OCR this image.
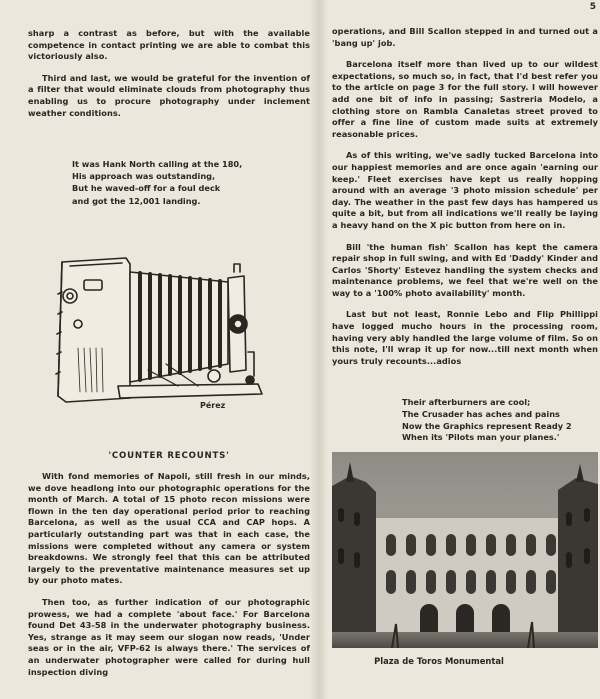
5

sharp a contrast as before, but with the available competence in contact printing we are able to combat this victoriously also.

Third and last, we would be grateful for the invention of a filter that would eliminate clouds from photography thus enabling us to procure photography under inclement weather conditions.

It was Hank North calling at the 180,
His approach was outstanding,
But he waved-off for a foul deck
and got the 12,001 landing.
Pérez
'COUNTER RECOUNTS'

With fond memories of Napoli, still fresh in our minds, we dove headlong into our photographic operations for the month of March. A total of 15 photo recon missions were flown in the ten day operational period prior to reaching Barcelona, as well as the usual CCA and CAP hops. A particularly outstanding part was that in each case, the missions were completed without any camera or system breakdowns. We strongly feel that this can be attributed largely to the preventative maintenance measures set up by our photo mates.

Then too, as further indication of our photographic prowess, we had a complete 'about face.' For Barcelona found Det 43-58 in the underwater photography business. Yes, strange as it may seem our slogan now reads, 'Under seas or in the air, VFP-62 is always there.' The services of an underwater photographer were called for during hull inspection diving

operations, and Bill Scallon stepped in and turned out a 'bang up' job.

Barcelona itself more than lived up to our wildest expectations, so much so, in fact, that I'd best refer you to the article on page 3 for the full story. I will however add one bit of info in passing; Sastreria Modelo, a clothing store on Rambla Canaletas street proved to offer a fine line of custom made suits at extremely reasonable prices.

As of this writing, we've sadly tucked Barcelona into our happiest memories and are once again 'earning our keep.' Fleet exercises have kept us really hopping around with an average '3 photo mission schedule' per day. The weather in the past few days has hampered us quite a bit, but from all indications we'll really be laying a heavy hand on the X pic button from here on in.

Bill 'the human fish' Scallon has kept the camera repair shop in full swing, and with Ed 'Daddy' Kinder and Carlos 'Shorty' Estevez handling the system checks and maintenance problems, we feel that we're well on the way to a '100% photo availability' month.

Last but not least, Ronnie Lebo and Flip Phillippi have logged mucho hours in the processing room, having very ably handled the large volume of film. So on this note, I'll wrap it up for now...till next month when yours truly recounts...adios

Their afterburners are cool;
The Crusader has aches and pains
Now the Graphics represent Ready 2
When its 'Pilots man your planes.'
Plaza de Toros Monumental
